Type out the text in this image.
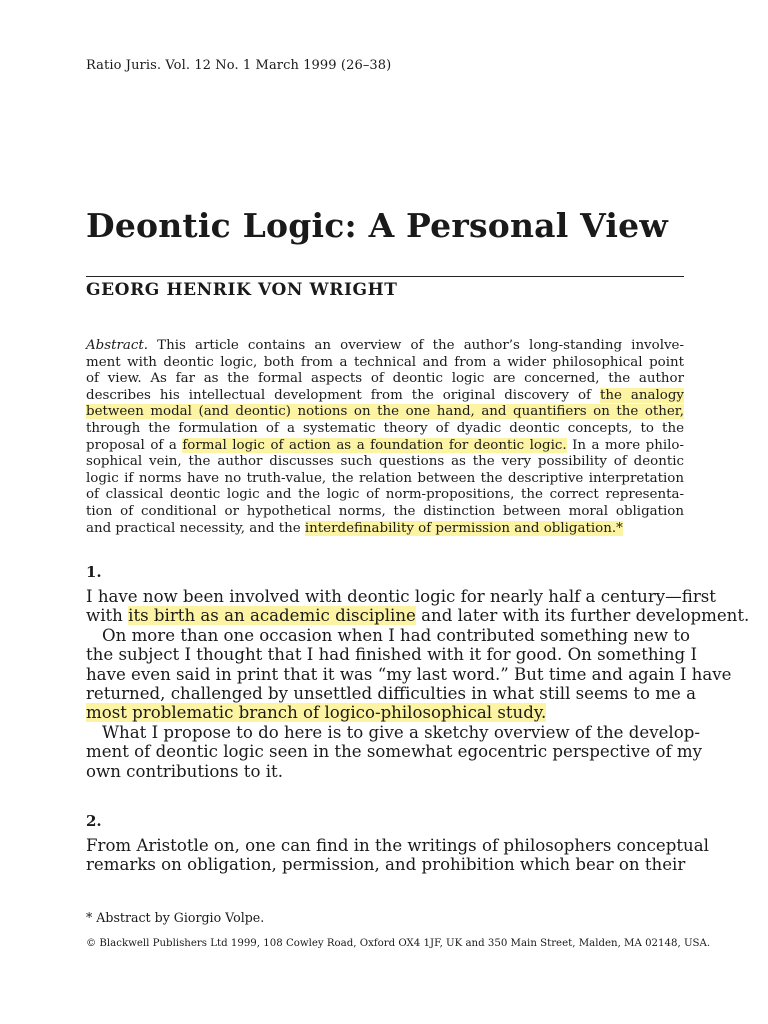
Ratio Juris. Vol. 12 No. 1 March 1999 (26–38)
Deontic Logic: A Personal View
GEORG HENRIK VON WRIGHT
Abstract. This article contains an overview of the author’s long-standing involve-
ment with deontic logic, both from a technical and from a wider philosophical point
of view. As far as the formal aspects of deontic logic are concerned, the author
describes his intellectual development from the original discovery of the analogy
between modal (and deontic) notions on the one hand, and quantifiers on the other,
through the formulation of a systematic theory of dyadic deontic concepts, to the
proposal of a formal logic of action as a foundation for deontic logic. In a more philo-
sophical vein, the author discusses such questions as the very possibility of deontic
logic if norms have no truth-value, the relation between the descriptive interpretation
of classical deontic logic and the logic of norm-propositions, the correct representa-
tion of conditional or hypothetical norms, the distinction between moral obligation
and practical necessity, and the interdefinability of permission and obligation.*
1.
I have now been involved with deontic logic for nearly half a century—first
with its birth as an academic discipline and later with its further development.
On more than one occasion when I had contributed something new to
the subject I thought that I had finished with it for good. On something I
have even said in print that it was “my last word.” But time and again I have
returned, challenged by unsettled difficulties in what still seems to me a
most problematic branch of logico-philosophical study.
What I propose to do here is to give a sketchy overview of the develop-
ment of deontic logic seen in the somewhat egocentric perspective of my
own contributions to it.
2.
From Aristotle on, one can find in the writings of philosophers conceptual
remarks on obligation, permission, and prohibition which bear on their
* Abstract by Giorgio Volpe.
© Blackwell Publishers Ltd 1999, 108 Cowley Road, Oxford OX4 1JF, UK and 350 Main Street, Malden, MA 02148, USA.
